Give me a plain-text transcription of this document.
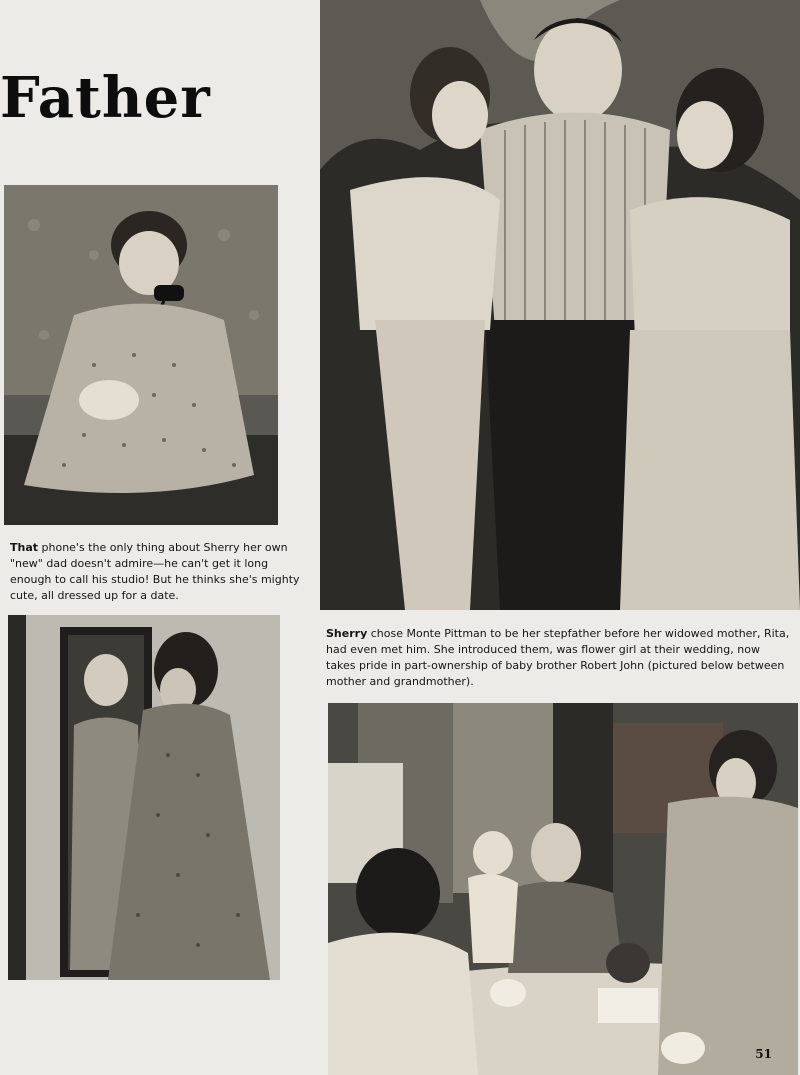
Father
That phone's the only thing about Sherry her own "new" dad doesn't admire—he can't get it long enough to call his studio! But he thinks she's mighty cute, all dressed up for a date.
Sherry chose Monte Pittman to be her stepfather before her widowed mother, Rita, had even met him. She introduced them, was flower girl at their wedding, now takes pride in part-ownership of baby brother Robert John (pictured below between mother and grandmother).
51
